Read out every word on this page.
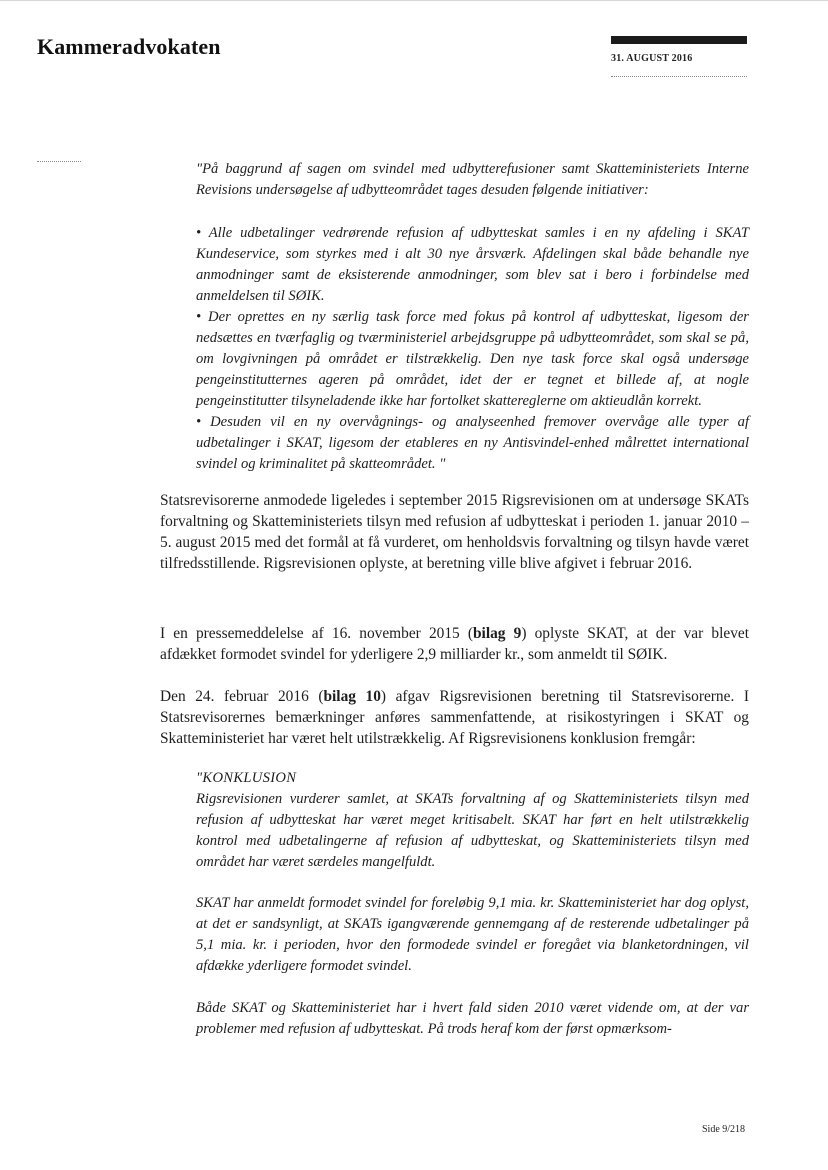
Kammeradvokaten	31. AUGUST 2016

"På baggrund af sagen om svindel med udbytterefusioner samt Skatteministeriets Interne Revisions undersøgelse af udbytteområdet tages desuden følgende initiativer:

• Alle udbetalinger vedrørende refusion af udbytteskat samles i en ny afdeling i SKAT Kundeservice, som styrkes med i alt 30 nye årsværk. Afdelingen skal både behandle nye anmodninger samt de eksisterende anmodninger, som blev sat i bero i forbindelse med anmeldelsen til SØIK.

• Der oprettes en ny særlig task force med fokus på kontrol af udbytteskat, ligesom der nedsættes en tværfaglig og tværministeriel arbejdsgruppe på udbytteområdet, som skal se på, om lovgivningen på området er tilstrækkelig. Den nye task force skal også undersøge pengeinstitutternes ageren på området, idet der er tegnet et billede af, at nogle pengeinstitutter tilsyneladende ikke har fortolket skattereglerne om aktieudlån korrekt.

• Desuden vil en ny overvågnings- og analyseenhed fremover overvåge alle typer af udbetalinger i SKAT, ligesom der etableres en ny Antisvindel-enhed målrettet international svindel og kriminalitet på skatteområdet. "

Statsrevisorerne anmodede ligeledes i september 2015 Rigsrevisionen om at undersøge SKATs forvaltning og Skatteministeriets tilsyn med refusion af udbytteskat i perioden 1. januar 2010 – 5. august 2015 med det formål at få vurderet, om henholdsvis forvaltning og tilsyn havde været tilfredsstillende. Rigsrevisionen oplyste, at beretning ville blive afgivet i februar 2016.

I en pressemeddelelse af 16. november 2015 (bilag 9) oplyste SKAT, at der var blevet afdækket formodet svindel for yderligere 2,9 milliarder kr., som anmeldt til SØIK.

Den 24. februar 2016 (bilag 10) afgav Rigsrevisionen beretning til Statsrevisorerne. I Statsrevisorernes bemærkninger anføres sammenfattende, at risikostyringen i SKAT og Skatteministeriet har været helt utilstrækkelig. Af Rigsrevisionens konklusion fremgår:

"KONKLUSION

Rigsrevisionen vurderer samlet, at SKATs forvaltning af og Skatteministeriets tilsyn med refusion af udbytteskat har været meget kritisabelt. SKAT har ført en helt utilstrækkelig kontrol med udbetalingerne af refusion af udbytteskat, og Skatteministeriets tilsyn med området har været særdeles mangelfuldt.

SKAT har anmeldt formodet svindel for foreløbig 9,1 mia. kr. Skatteministeriet har dog oplyst, at det er sandsynligt, at SKATs igangværende gennemgang af de resterende udbetalinger på 5,1 mia. kr. i perioden, hvor den formodede svindel er foregået via blanketordningen, vil afdække yderligere formodet svindel.

Både SKAT og Skatteministeriet har i hvert fald siden 2010 været vidende om, at der var problemer med refusion af udbytteskat. På trods heraf kom der først opmærksom-

Side 9/218
